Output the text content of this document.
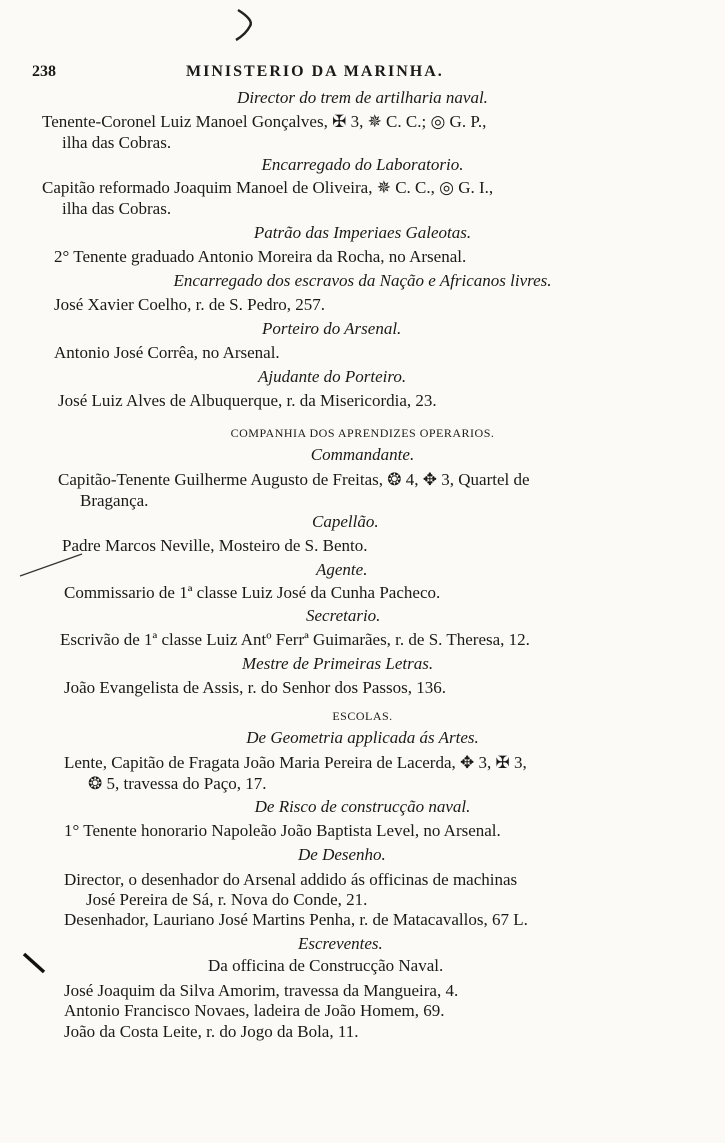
238	MINISTERIO DA MARINHA.
Director do trem de artilharia naval.
Tenente-Coronel Luiz Manoel Gonçalves, ✠ 3, ✵ C. C.; ◎ G. P.,
ilha das Cobras.
Encarregado do Laboratorio.
Capitão reformado Joaquim Manoel de Oliveira, ✵ C. C., ◎ G. I.,
ilha das Cobras.
Patrão das Imperiaes Galeotas.
2° Tenente graduado Antonio Moreira da Rocha, no Arsenal.
Encarregado dos escravos da Nação e Africanos livres.
José Xavier Coelho, r. de S. Pedro, 257.
Porteiro do Arsenal.
Antonio José Corrêa, no Arsenal.
Ajudante do Porteiro.
José Luiz Alves de Albuquerque, r. da Misericordia, 23.
COMPANHIA DOS APRENDIZES OPERARIOS.
Commandante.
Capitão-Tenente Guilherme Augusto de Freitas, ❂ 4, ✥ 3, Quartel de
Bragança.
Capellão.
Padre Marcos Neville, Mosteiro de S. Bento.
Agente.
Commissario de 1ª classe Luiz José da Cunha Pacheco.
Secretario.
Escrivão de 1ª classe Luiz Antº Ferrª Guimarães, r. de S. Theresa, 12.
Mestre de Primeiras Letras.
João Evangelista de Assis, r. do Senhor dos Passos, 136.
ESCOLAS.
De Geometria applicada ás Artes.
Lente, Capitão de Fragata João Maria Pereira de Lacerda, ✥ 3, ✠ 3,
❂ 5, travessa do Paço, 17.
De Risco de construcção naval.
1° Tenente honorario Napoleão João Baptista Level, no Arsenal.
De Desenho.
Director, o desenhador do Arsenal addido ás officinas de machinas
José Pereira de Sá, r. Nova do Conde, 21.
Desenhador, Lauriano José Martins Penha, r. de Matacavallos, 67 L.
Escreventes.
Da officina de Construcção Naval.
José Joaquim da Silva Amorim, travessa da Mangueira, 4.
Antonio Francisco Novaes, ladeira de João Homem, 69.
João da Costa Leite, r. do Jogo da Bola, 11.
